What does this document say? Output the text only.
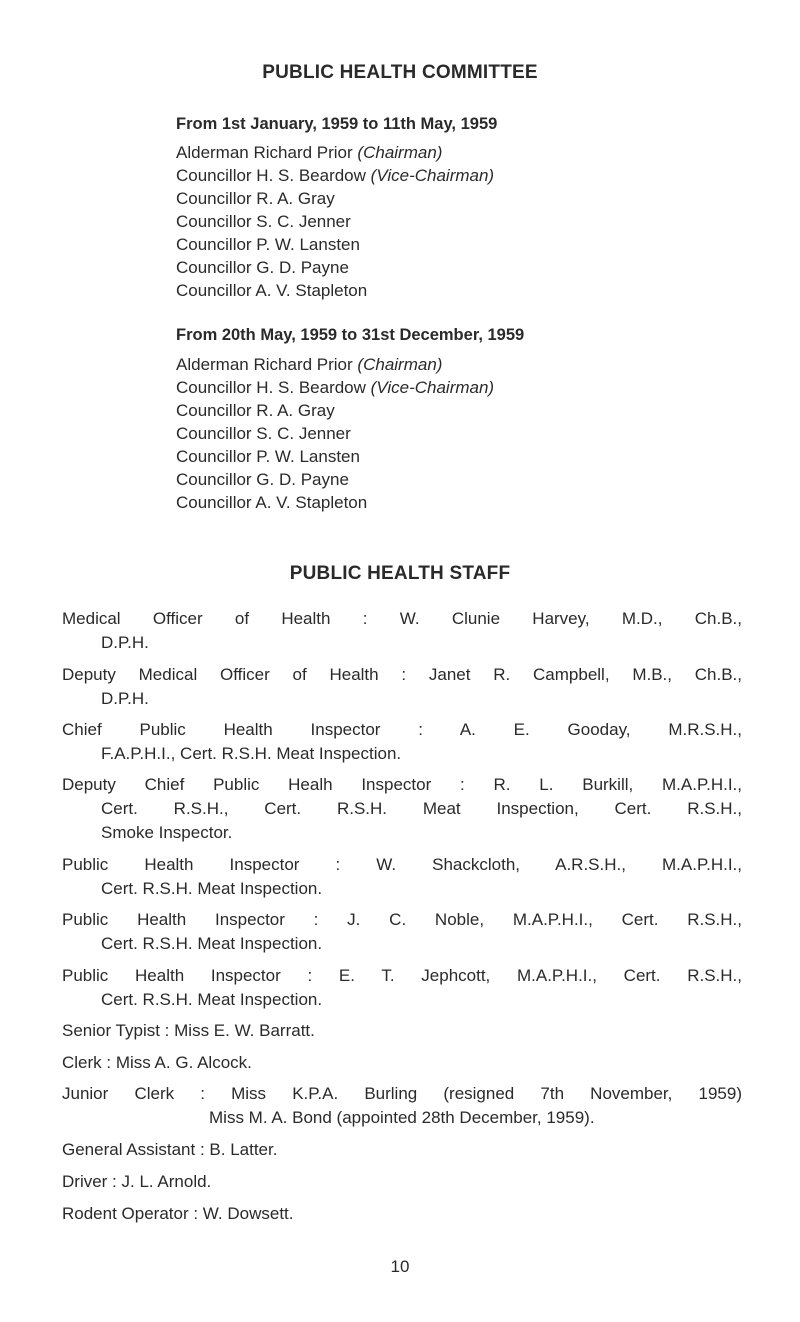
PUBLIC HEALTH COMMITTEE
From 1st January, 1959 to 11th May, 1959
Alderman Richard Prior (Chairman)
Councillor H. S. Beardow (Vice-Chairman)
Councillor R. A. Gray
Councillor S. C. Jenner
Councillor P. W. Lansten
Councillor G. D. Payne
Councillor A. V. Stapleton
From 20th May, 1959 to 31st December, 1959
Alderman Richard Prior (Chairman)
Councillor H. S. Beardow (Vice-Chairman)
Councillor R. A. Gray
Councillor S. C. Jenner
Councillor P. W. Lansten
Councillor G. D. Payne
Councillor A. V. Stapleton
PUBLIC HEALTH STAFF
Medical Officer of Health : W. Clunie Harvey, M.D., Ch.B.,
D.P.H.
Deputy Medical Officer of Health : Janet R. Campbell, M.B., Ch.B.,
D.P.H.
Chief Public Health Inspector : A. E. Gooday, M.R.S.H.,
F.A.P.H.I., Cert. R.S.H. Meat Inspection.
Deputy Chief Public Healh Inspector : R. L. Burkill, M.A.P.H.I.,
Cert. R.S.H., Cert. R.S.H. Meat Inspection, Cert. R.S.H.,
Smoke Inspector.
Public Health Inspector : W. Shackcloth, A.R.S.H., M.A.P.H.I.,
Cert. R.S.H. Meat Inspection.
Public Health Inspector : J. C. Noble, M.A.P.H.I., Cert. R.S.H.,
Cert. R.S.H. Meat Inspection.
Public Health Inspector : E. T. Jephcott, M.A.P.H.I., Cert. R.S.H.,
Cert. R.S.H. Meat Inspection.
Senior Typist : Miss E. W. Barratt.
Clerk : Miss A. G. Alcock.
Junior Clerk : Miss K.P.A. Burling (resigned 7th November, 1959)
Miss M. A. Bond (appointed 28th December, 1959).
General Assistant : B. Latter.
Driver : J. L. Arnold.
Rodent Operator : W. Dowsett.
10
